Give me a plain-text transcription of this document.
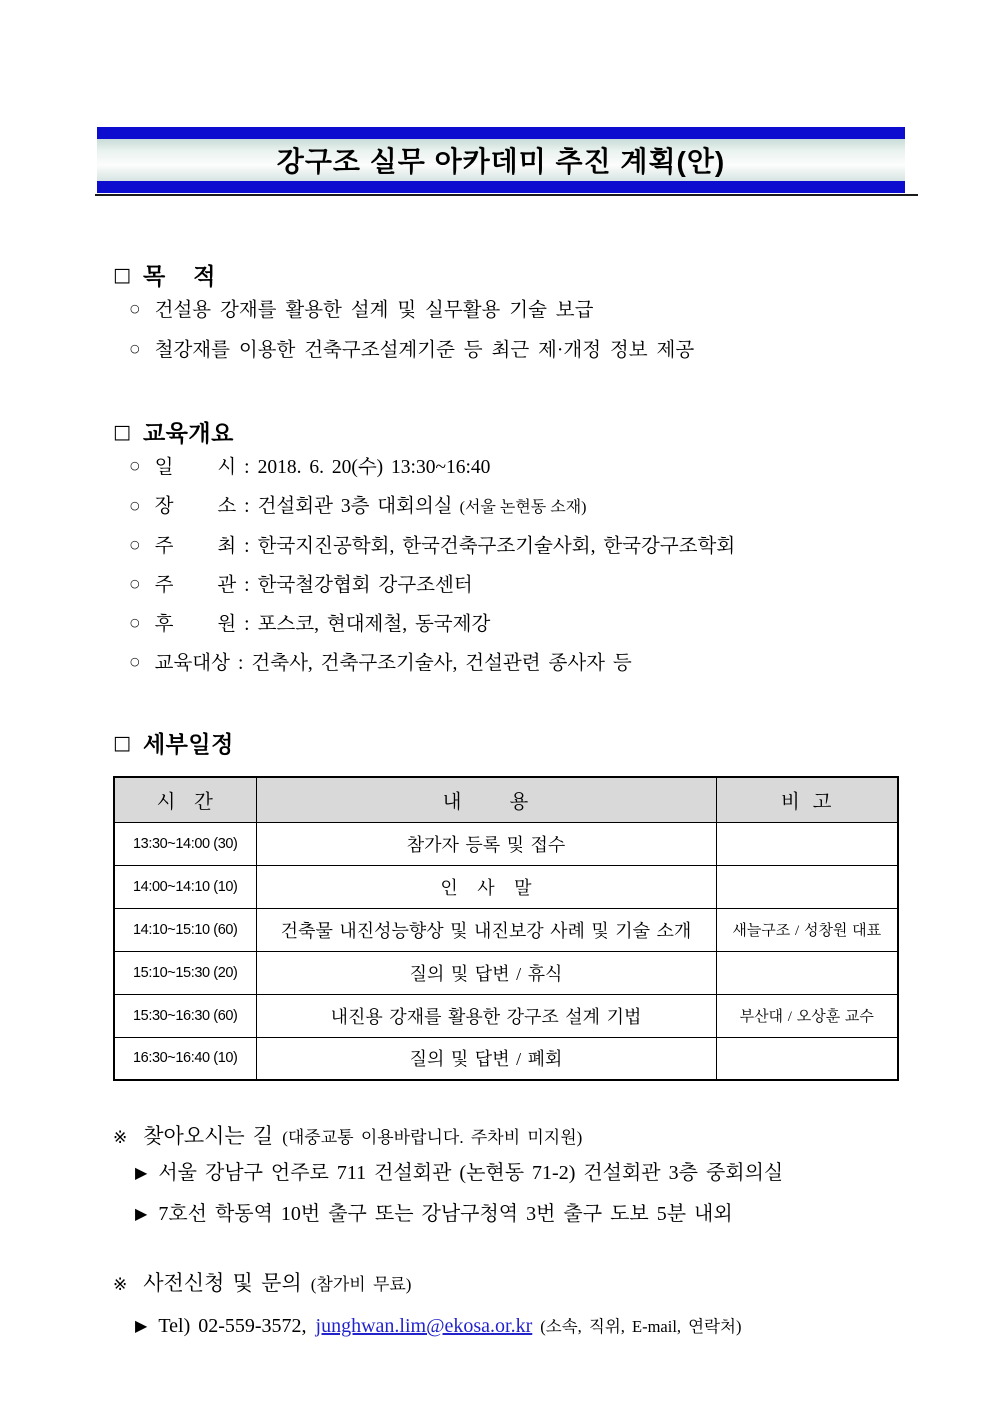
강구조 실무 아카데미 추진 계획(안)
□ 목    적
○ 건설용 강재를 활용한 설계 및 실무활용 기술 보급
○ 철강재를 이용한 건축구조설계기준 등 최근 제·개정 정보 제공
□ 교육개요
○ 일         시 : 2018. 6. 20(수) 13:30~16:40
○ 장         소 : 건설회관 3층 대회의실 (서울 논현동 소재)
○ 주         최 : 한국지진공학회, 한국건축구조기술사회, 한국강구조학회
○ 주         관 : 한국철강협회 강구조센터
○ 후         원 : 포스코, 현대제철, 동국제강
○ 교육대상 : 건축사, 건축구조기술사, 건설관련 종사자 등
□ 세부일정
시   간	내        용	비  고
13:30~14:00 (30)	참가자 등록 및 접수	
14:00~14:10 (10)	인   사   말	
14:10~15:10 (60)	건축물 내진성능향상 및 내진보강 사례 및 기술 소개	새늘구조 / 성창원 대표
15:10~15:30 (20)	질의 및 답변 / 휴식	
15:30~16:30 (60)	내진용 강재를 활용한 강구조 설계 기법	부산대 / 오상훈 교수
16:30~16:40 (10)	질의 및 답변 / 폐회	
※ 찾아오시는 길 (대중교통 이용바랍니다. 주차비 미지원)
▶ 서울 강남구 언주로 711 건설회관 (논현동 71-2) 건설회관 3층 중회의실
▶ 7호선 학동역 10번 출구 또는 강남구청역 3번 출구 도보 5분 내외
※ 사전신청 및 문의 (참가비 무료)
▶ Tel) 02-559-3572, junghwan.lim@ekosa.or.kr (소속, 직위, E-mail, 연락처)
